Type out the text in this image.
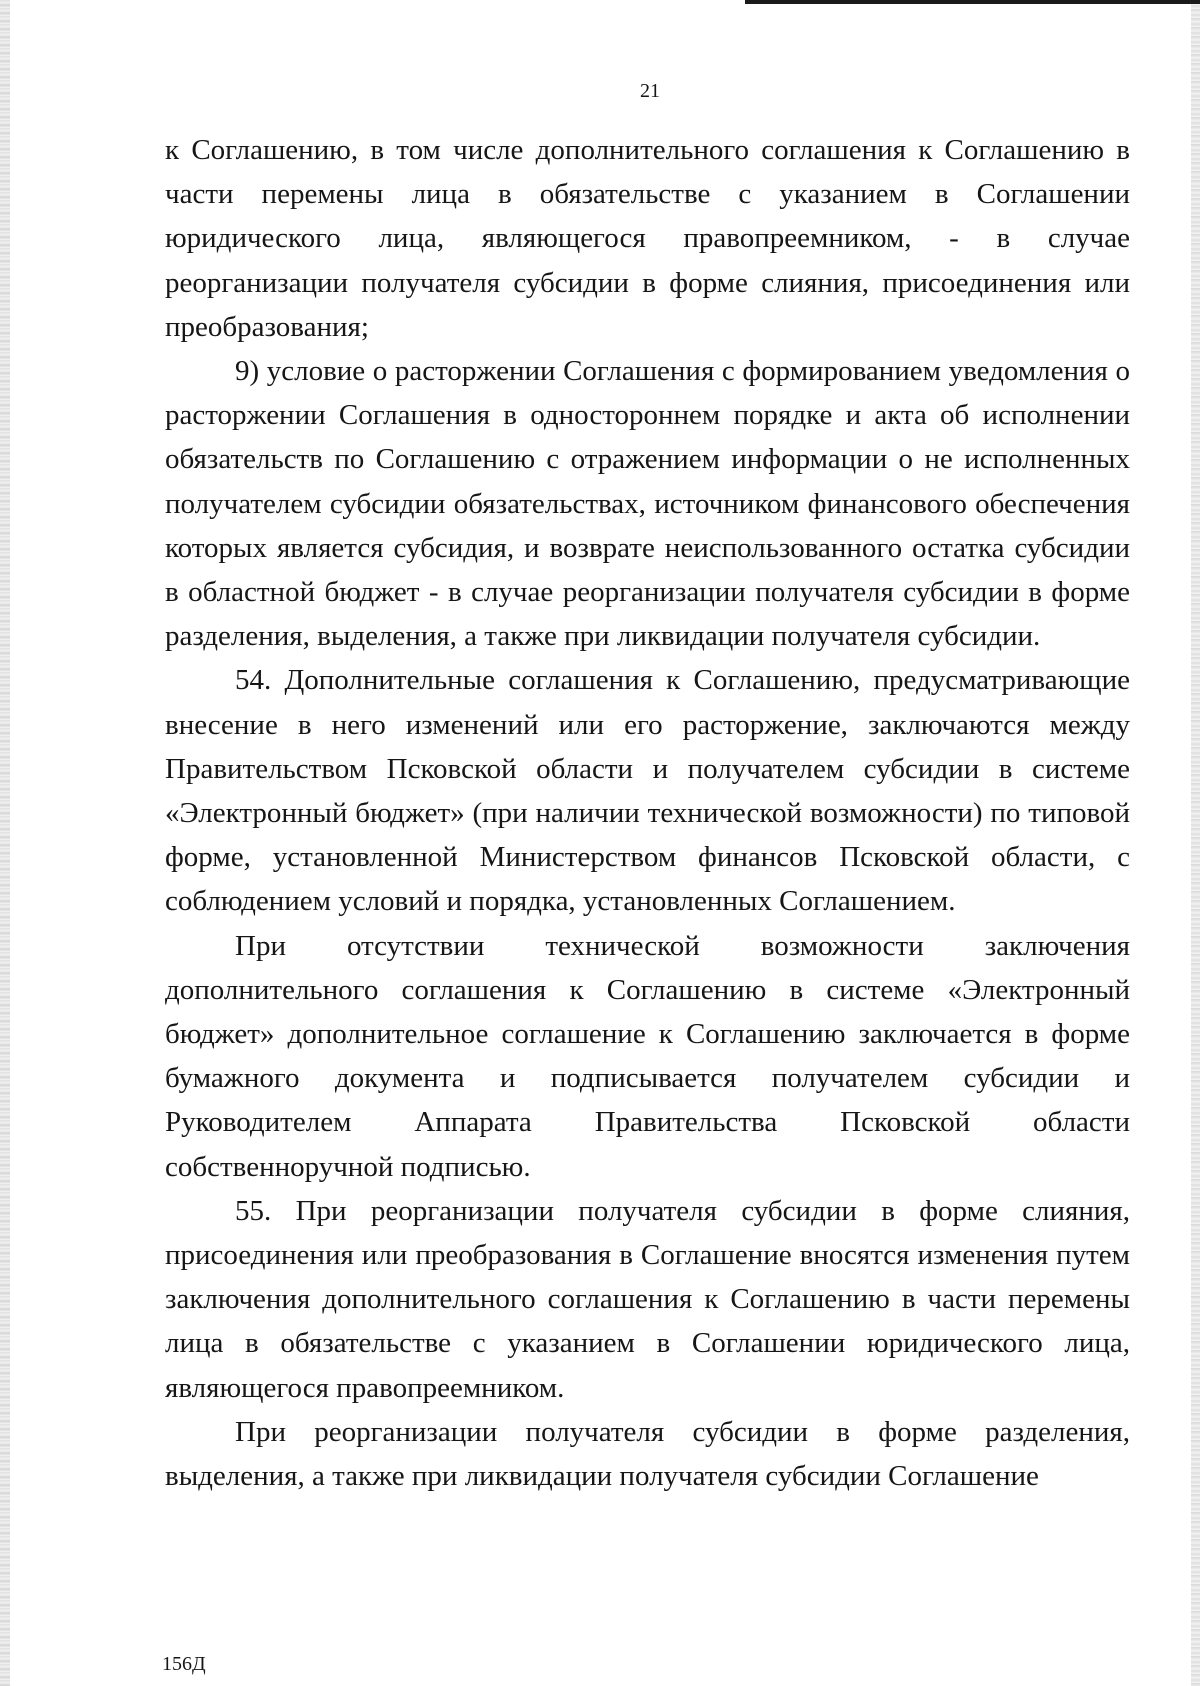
21

к Соглашению, в том числе дополнительного соглашения к Соглашению в части перемены лица в обязательстве с указанием в Соглашении юридического лица, являющегося правопреемником, - в случае реорганизации получателя субсидии в форме слияния, присоединения или преобразования;

9) условие о расторжении Соглашения с формированием уведомления о расторжении Соглашения в одностороннем порядке и акта об исполнении обязательств по Соглашению с отражением информации о не исполненных получателем субсидии обязательствах, источником финансового обеспечения которых является субсидия, и возврате неиспользованного остатка субсидии в областной бюджет - в случае реорганизации получателя субсидии в форме разделения, выделения, а также при ликвидации получателя субсидии.

54. Дополнительные соглашения к Соглашению, предусматривающие внесение в него изменений или его расторжение, заключаются между Правительством Псковской области и получателем субсидии в системе «Электронный бюджет» (при наличии технической возможности) по типовой форме, установленной Министерством финансов Псковской области, с соблюдением условий и порядка, установленных Соглашением.

При отсутствии технической возможности заключения дополнительного соглашения к Соглашению в системе «Электронный бюджет» дополнительное соглашение к Соглашению заключается в форме бумажного документа и подписывается получателем субсидии и Руководителем Аппарата Правительства Псковской области собственноручной подписью.

55. При реорганизации получателя субсидии в форме слияния, присоединения или преобразования в Соглашение вносятся изменения путем заключения дополнительного соглашения к Соглашению в части перемены лица в обязательстве с указанием в Соглашении юридического лица, являющегося правопреемником.

При реорганизации получателя субсидии в форме разделения, выделения, а также при ликвидации получателя субсидии Соглашение

156Д
